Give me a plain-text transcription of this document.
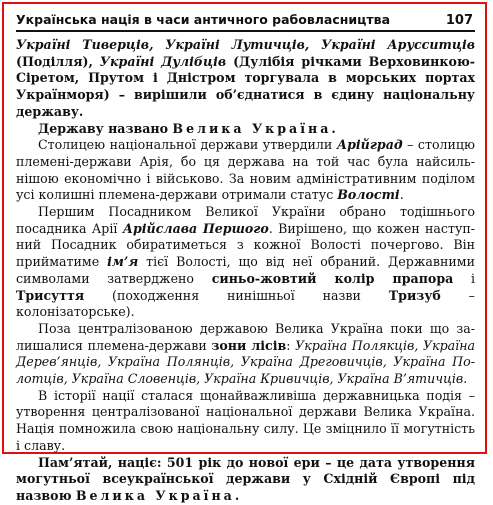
Українська нація в часи античного рабовласництва	107

Україні Тиверців, Україні Лутичців, Україні Арусситців (Поділля), Україні Дулібців (Дулібія річками Верховинкою-Сіретом, Прутом і Дністром торгувала в морських портах Українморя) – вирішили об’єднатися в єдину національну державу.

Державу названо Велика Україна.

Столицею національної держави утвердили Арійград – столицю племені-держави Арія, бо ця держава на той час була найсильнішою економічно і військово. За новим адміністративним поділом усі колишні племена-держави отримали статус Волості.

Першим Посадником Великої України обрано тодішнього посадника Арії Арійслава Першого. Вирішено, що кожен наступний Посадник обиратиметься з кожної Волості почергово. Він прийматиме ім’я тієї Волості, що від неї обраний. Державними символами затверджено синьо-жовтий колір прапора і Трисуття (походження нинішньої назви Тризуб – колонізаторське).

Поза централізованою державою Велика Україна поки що залишалися племена-держави зони лісів: Україна Полякців, Україна Дерев’янців, Україна Полянців, Україна Дреговичців, Україна Полотців, Україна Словенців, Україна Кривичців, Україна В’ятичців.

В історії нації сталася щонайважливіша державницька подія – утворення централізованої національної держави Велика Україна. Нація помножила свою національну силу. Це зміцнило її могутність і славу.

Пам’ятай, націє: 501 рік до нової ери – це дата утворення могутньої всеукраїнської держави у Східній Європі під назвою Велика Україна.
